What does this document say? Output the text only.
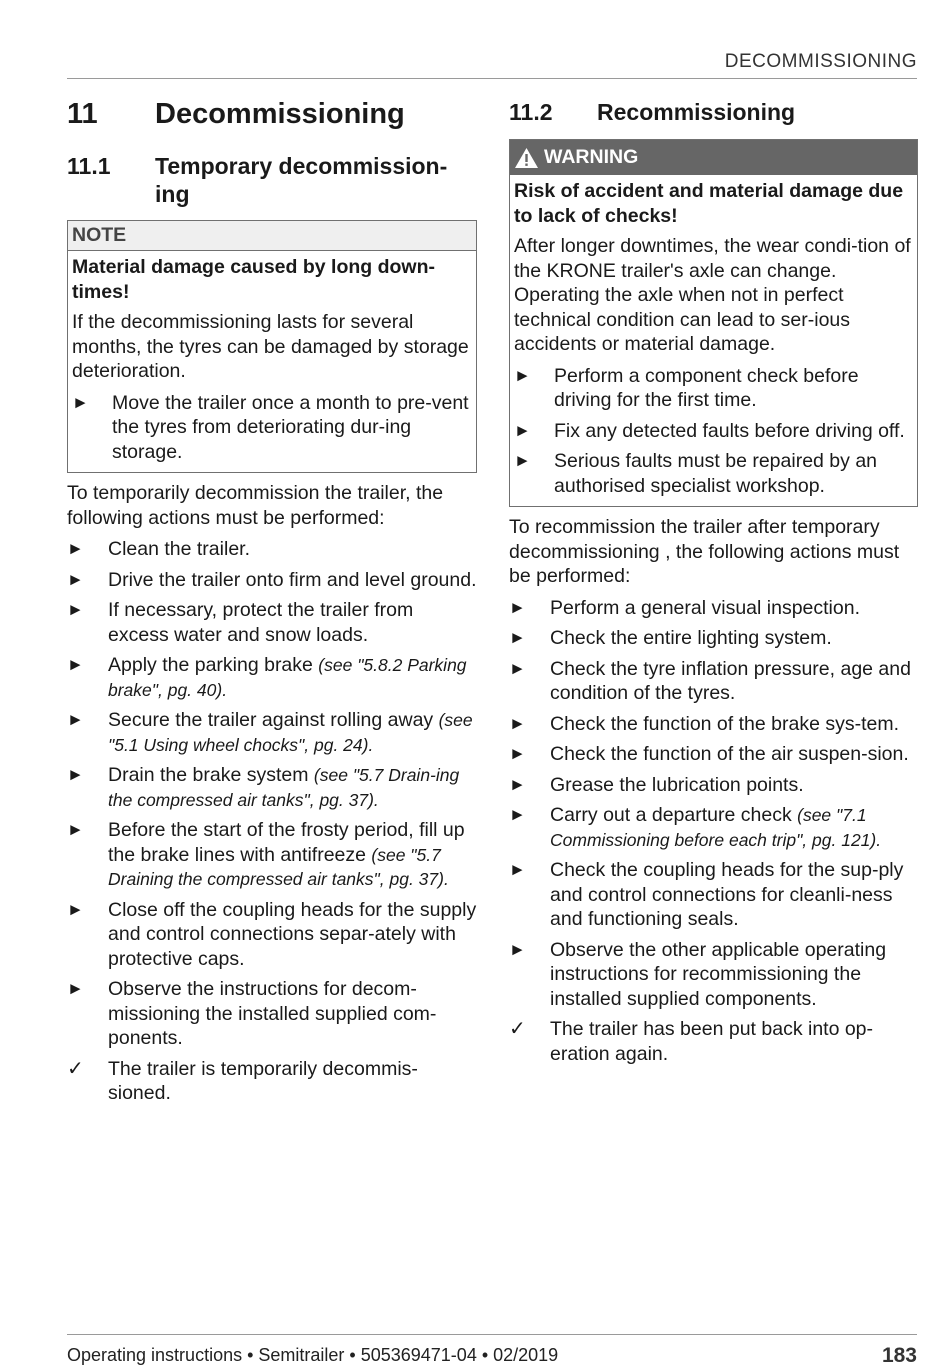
DECOMMISSIONING
11	Decommissioning
11.1	Temporary decommission-ing
NOTE
Material damage caused by long down-times!

If the decommissioning lasts for several months, the tyres can be damaged by storage deterioration.

►	Move the trailer once a month to pre-vent the tyres from deteriorating dur-ing storage.

To temporarily decommission the trailer, the following actions must be performed:

►	Clean the trailer.
►	Drive the trailer onto firm and level ground.
►	If necessary, protect the trailer from excess water and snow loads.
►	Apply the parking brake (see "5.8.2 Parking brake", pg. 40).
►	Secure the trailer against rolling away (see "5.1 Using wheel chocks", pg. 24).
►	Drain the brake system (see "5.7 Drain-ing the compressed air tanks", pg. 37).
►	Before the start of the frosty period, fill up the brake lines with antifreeze (see "5.7 Draining the compressed air tanks", pg. 37).
►	Close off the coupling heads for the supply and control connections separ-ately with protective caps.
►	Observe the instructions for decom-missioning the installed supplied com-ponents.
✓	The trailer is temporarily decommis-sioned.
11.2	Recommissioning
WARNING
Risk of accident and material damage due to lack of checks!

After longer downtimes, the wear condi-tion of the KRONE trailer's axle can change. Operating the axle when not in perfect technical condition can lead to ser-ious accidents or material damage.

►	Perform a component check before driving for the first time.
►	Fix any detected faults before driving off.
►	Serious faults must be repaired by an authorised specialist workshop.

To recommission the trailer after temporary decommissioning , the following actions must be performed:

►	Perform a general visual inspection.
►	Check the entire lighting system.
►	Check the tyre inflation pressure, age and condition of the tyres.
►	Check the function of the brake sys-tem.
►	Check the function of the air suspen-sion.
►	Grease the lubrication points.
►	Carry out a departure check (see "7.1 Commissioning before each trip", pg. 121).
►	Check the coupling heads for the sup-ply and control connections for cleanli-ness and functioning seals.
►	Observe the other applicable operating instructions for recommissioning the installed supplied components.
✓	The trailer has been put back into op-eration again.
Operating instructions • Semitrailer • 505369471-04 • 02/2019	183
